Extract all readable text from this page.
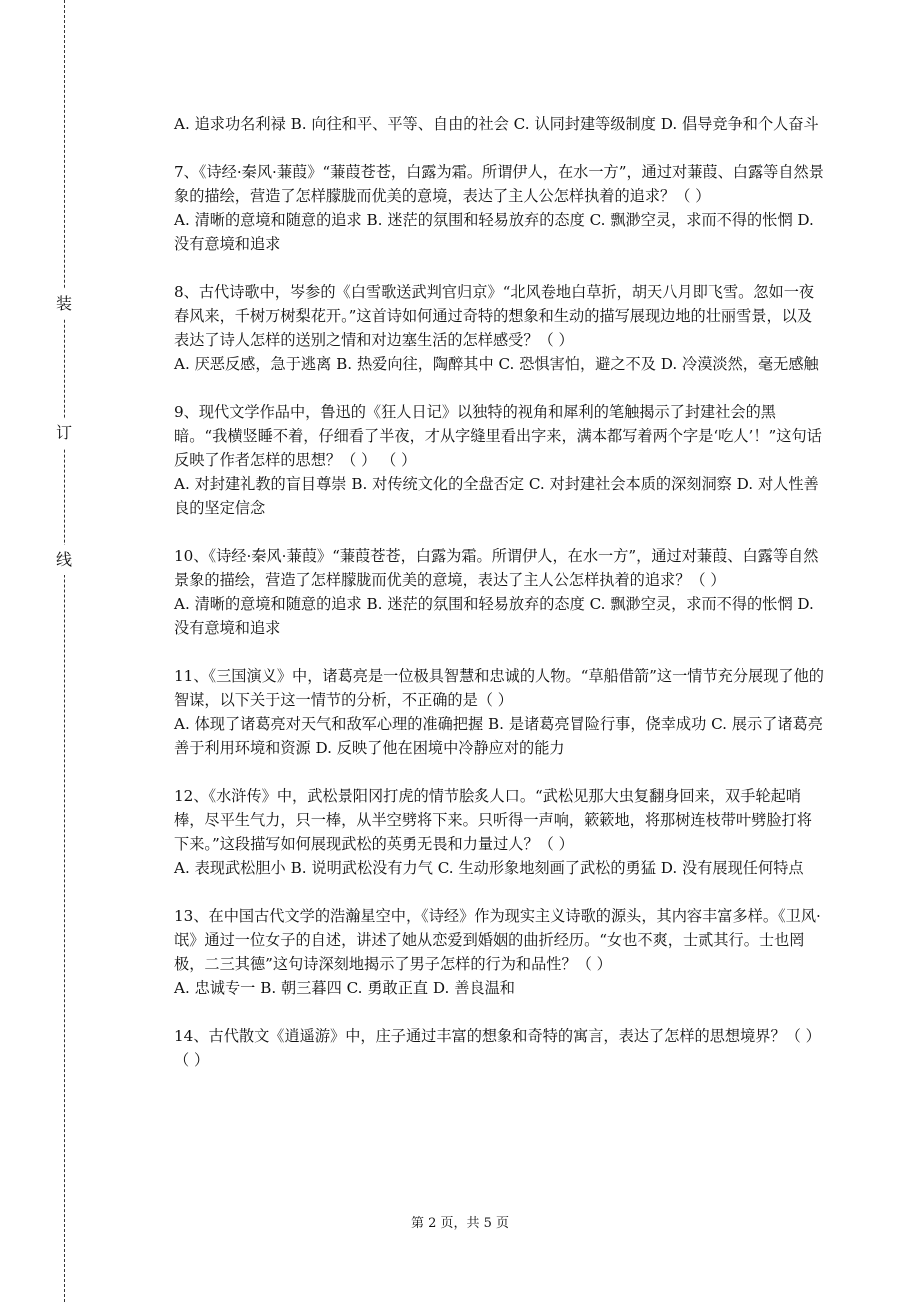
装
订
线

A. 追求功名利禄 B. 向往和平、平等、自由的社会 C. 认同封建等级制度 D. 倡导竞争和个人奋斗

7、《诗经·秦风·蒹葭》“蒹葭苍苍，白露为霜。所谓伊人，在水一方”，通过对蒹葭、白露等自然景象的描绘，营造了怎样朦胧而优美的意境，表达了主人公怎样执着的追求？（ ）

A. 清晰的意境和随意的追求 B. 迷茫的氛围和轻易放弃的态度 C. 飘渺空灵，求而不得的怅惘 D. 没有意境和追求

8、古代诗歌中，岑参的《白雪歌送武判官归京》“北风卷地白草折，胡天八月即飞雪。忽如一夜春风来，千树万树梨花开。”这首诗如何通过奇特的想象和生动的描写展现边地的壮丽雪景，以及表达了诗人怎样的送别之情和对边塞生活的怎样感受？（ ）

A. 厌恶反感，急于逃离 B. 热爱向往，陶醉其中 C. 恐惧害怕，避之不及 D. 冷漠淡然，毫无感触

9、现代文学作品中，鲁迅的《狂人日记》以独特的视角和犀利的笔触揭示了封建社会的黑暗。“我横竖睡不着，仔细看了半夜，才从字缝里看出字来，满本都写着两个字是‘吃人’！”这句话反映了作者怎样的思想？（ ） （ ）

A. 对封建礼教的盲目尊崇 B. 对传统文化的全盘否定 C. 对封建社会本质的深刻洞察 D. 对人性善良的坚定信念

10、《诗经·秦风·蒹葭》“蒹葭苍苍，白露为霜。所谓伊人，在水一方”，通过对蒹葭、白露等自然景象的描绘，营造了怎样朦胧而优美的意境，表达了主人公怎样执着的追求？（ ）

A. 清晰的意境和随意的追求 B. 迷茫的氛围和轻易放弃的态度 C. 飘渺空灵，求而不得的怅惘 D. 没有意境和追求

11、《三国演义》中，诸葛亮是一位极具智慧和忠诚的人物。“草船借箭”这一情节充分展现了他的智谋，以下关于这一情节的分析，不正确的是（ ）

A. 体现了诸葛亮对天气和敌军心理的准确把握 B. 是诸葛亮冒险行事，侥幸成功 C. 展示了诸葛亮善于利用环境和资源 D. 反映了他在困境中冷静应对的能力

12、《水浒传》中，武松景阳冈打虎的情节脍炙人口。“武松见那大虫复翻身回来，双手轮起哨棒，尽平生气力，只一棒，从半空劈将下来。只听得一声响，簌簌地，将那树连枝带叶劈脸打将下来。”这段描写如何展现武松的英勇无畏和力量过人？（ ）

A. 表现武松胆小 B. 说明武松没有力气 C. 生动形象地刻画了武松的勇猛 D. 没有展现任何特点

13、在中国古代文学的浩瀚星空中，《诗经》作为现实主义诗歌的源头，其内容丰富多样。《卫风·氓》通过一位女子的自述，讲述了她从恋爱到婚姻的曲折经历。“女也不爽，士贰其行。士也罔极，二三其德”这句诗深刻地揭示了男子怎样的行为和品性？（ ）

A. 忠诚专一 B. 朝三暮四 C. 勇敢正直 D. 善良温和

14、古代散文《逍遥游》中，庄子通过丰富的想象和奇特的寓言，表达了怎样的思想境界？（ ） （ ）

第 2 页，共 5 页
